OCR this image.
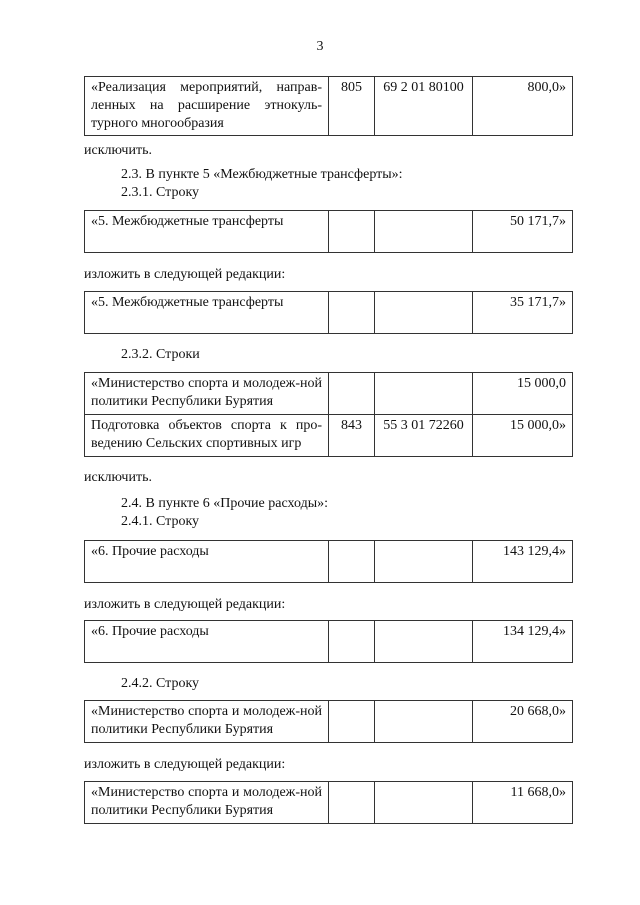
3
«Реализация мероприятий, направ-ленных на расширение этнокуль-турного многообразия	805	69 2 01 80100	800,0»
исключить.
2.3. В пункте 5 «Межбюджетные трансферты»:
2.3.1. Строку
«5. Межбюджетные трансферты			50 171,7»
изложить в следующей редакции:
«5. Межбюджетные трансферты			35 171,7»
2.3.2. Строки
«Министерство спорта и молодеж-ной политики Республики Бурятия			15 000,0
Подготовка объектов спорта к про-ведению Сельских спортивных игр	843	55 3 01 72260	15 000,0»
исключить.
2.4. В пункте 6 «Прочие расходы»:
2.4.1. Строку
«6. Прочие расходы			143 129,4»
изложить в следующей редакции:
«6. Прочие расходы			134 129,4»
2.4.2. Строку
«Министерство спорта и молодеж-ной политики Республики Бурятия			20 668,0»
изложить в следующей редакции:
«Министерство спорта и молодеж-ной политики Республики Бурятия			11 668,0»
